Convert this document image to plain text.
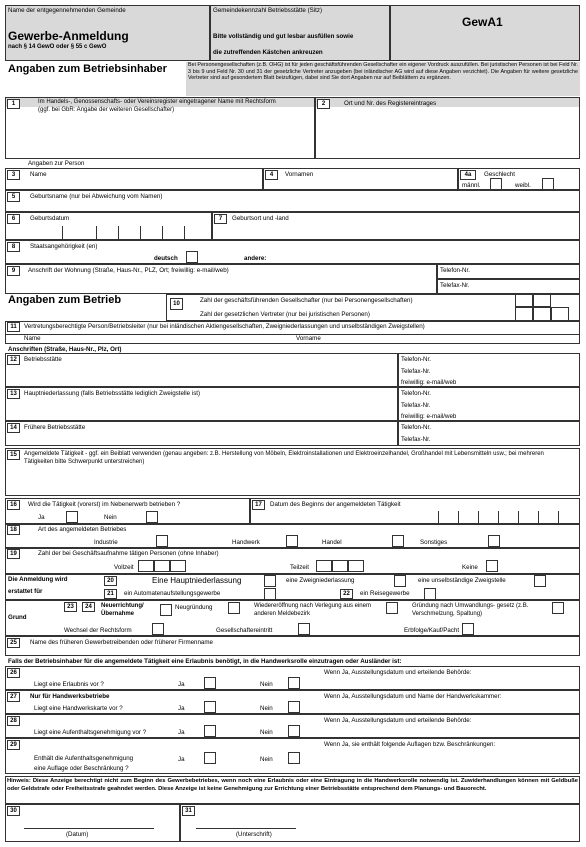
Name der entgegennehmenden Gemeinde	Gemeindekennzahl Betriebsstätte (Sitz)
GewA1
Gewerbe-Anmeldung
nach § 14 GewO oder § 55 c GewO
Bitte vollständig und gut lesbar ausfüllen sowie
die zutreffenden Kästchen ankreuzen
Angaben zum Betriebsinhaber	Bei Personengesellschaften (z.B. OHG) ist für jeden geschäftsführenden Gesellschafter ein eigener Vordruck auszufüllen. Bei juristischen Personen ist bei Feld Nr. 3 bis 9 und Feld Nr. 30 und 31 der gesetzliche Vertreter anzugeben (bei inländischer AG wird auf diese Angaben verzichtet). Die Angaben für weitere gesetzliche Vertreter sind auf gesondertem Blatt beizufügen, dabei sind Sie dort Angaben nur auf Beiblättern zu ergänzen.
1	Im Handels-, Genossenschafts- oder Vereinsregister eingetragener Name mit Rechtsform (ggf. bei GbR: Angabe der weiteren Gesellschafter)
2	Ort und Nr. des Registereintrages
Angaben zur Person
3	Name	4	Vornamen	4a	Geschlecht
männl.	weibl.
5	Geburtsname (nur bei Abweichung vom Namen)
6	Geburtsdatum	7	Geburtsort und -land
8	Staatsangehörigkeit (en)
deutsch	andere:
9	Anschrift der Wohnung (Straße, Haus-Nr., PLZ, Ort; freiwillig: e-mail/web)	Telefon-Nr.
Telefax-Nr.
Angaben zum Betrieb	10	Zahl der geschäftsführenden Gesellschafter (nur bei Personengesellschaften)
Zahl der gesetzlichen Vertreter (nur bei juristischen Personen)
11	Vertretungsberechtigte Person/Betriebsleiter (nur bei inländischen Aktiengesellschaften, Zweigniederlassungen und unselbständigen Zweigstellen)
Name	Vorname
Anschriften (Straße, Haus-Nr., Plz, Ort)
12	Betriebsstätte	Telefon-Nr.
Telefax-Nr.
freiwillig: e-mail/web
13	Hauptniederlassung (falls Betriebsstätte lediglich Zweigstelle ist)	Telefon-Nr.
Telefax-Nr.
freiwillig: e-mail/web
14	Frühere Betriebsstätte	Telefon-Nr.
Telefax-Nr.
15	Angemeldete Tätigkeit - ggf. ein Beiblatt verwenden (genau angeben: z.B. Herstellung von Möbeln, Elektroinstallationen und Elektroeinzelhandel, Großhandel mit Lebensmitteln usw.; bei mehreren Tätigkeiten bitte Schwerpunkt unterstreichen)
16	Wird die Tätigkeit (vorerst) im Nebenerwerb betrieben ?
Ja	Nein
17	Datum des Beginns der angemeldeten Tätigkeit
18	Art des angemeldeten Betriebes
Industrie	Handwerk	Handel	Sonstiges
19	Zahl der bei Geschäftsaufnahme tätigen Personen (ohne Inhaber)
Vollzeit	Teilzeit	Keine
Die Anmeldung wird
erstattet für
20	Eine Hauptniederlassung	eine Zweigniederlassung	eine unselbständige Zweigstelle
21	ein Automatenaufstellungsgewerbe	22	ein Reisegewerbe
Grund
23	24	Neuerrichtung/ Übernahme
Neugründung	Wiedereröffnung nach Verlegung aus einem anderen Meldebezirk
Gründung nach Umwandlungs- gesetz (z.B. Verschmelzung, Spaltung)
Wechsel der Rechtsform	Gesellschaftereintritt	Erbfolge/Kauf/Pacht
25	Name des früheren Gewerbetreibenden oder früherer Firmenname
Falls der Betriebsinhaber für die angemeldete Tätigkeit eine Erlaubnis benötigt, in die Handwerksrolle einzutragen oder Ausländer ist:
26
Liegt eine Erlaubnis vor ?	Ja	Nein
Wenn Ja, Ausstellungsdatum und erteilende Behörde:
27	Nur für Handwerksbetriebe
Liegt eine Handwerkskarte vor ?	Ja	Nein
Wenn Ja, Ausstellungsdatum und Name der Handwerkskammer:
28
Liegt eine Aufenthaltsgenehmigung vor ?	Ja	Nein
Wenn Ja, Ausstellungsdatum und erteilende Behörde:
29
Enthält die Aufenthaltsgenehmigung
eine Auflage oder Beschränkung ?
Ja	Nein
Wenn Ja, sie enthält folgende Auflagen bzw. Beschränkungen:
Hinweis: Diese Anzeige berechtigt nicht zum Beginn des Gewerbebetriebes, wenn noch eine Erlaubnis oder eine Eintragung in die Handwerksrolle notwendig ist. Zuwiderhandlungen können mit Geldbuße oder Geldstrafe oder Freiheitsstrafe geahndet werden. Diese Anzeige ist keine Genehmigung zur Errichtung einer Betriebsstätte entsprechend dem Planungs- und Bauorecht.
30	31
(Datum)	(Unterschrift)
